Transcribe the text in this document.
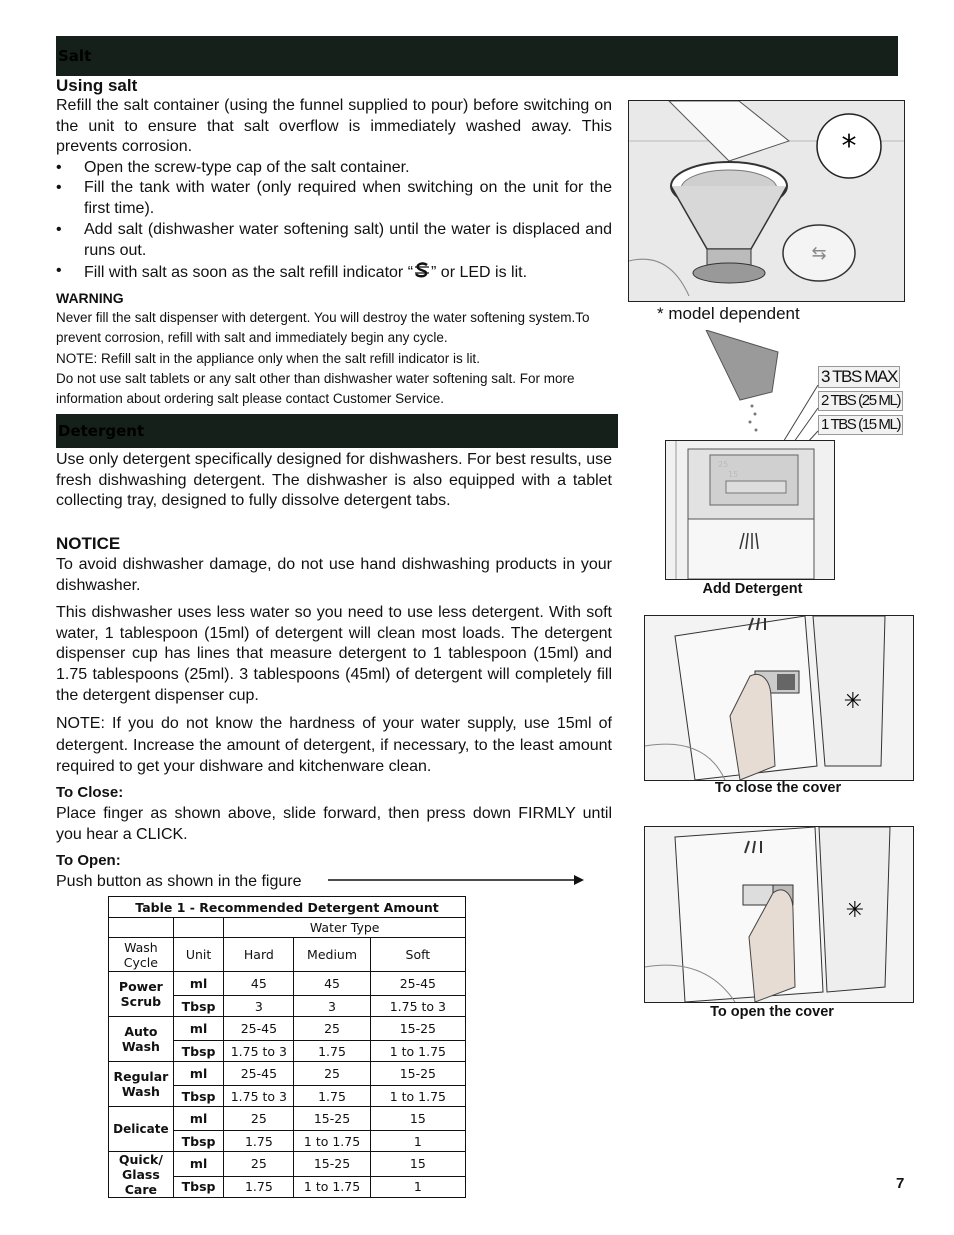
Salt
Using salt
Refill the salt container (using the funnel supplied to pour) before switching on the unit to ensure that salt overflow is immediately washed away. This prevents corrosion.
• Open the screw-type cap of the salt container.
• Fill the tank with water (only required when switching on the unit for the first time).
• Add salt (dishwasher water softening salt) until the water is displaced and runs out.
• Fill with salt as soon as the salt refill indicator “ ” or LED is lit.
WARNING
Never fill the salt dispenser with detergent. You will destroy the water softening system.To prevent corrosion, refill with salt and immediately begin any cycle.
NOTE: Refill salt in the appliance only when the salt refill indicator is lit.
Do not use salt tablets or any salt other than dishwasher water softening salt. For more information about ordering salt please contact Customer Service.
*
⇆
* model dependent
Detergent
Use only detergent specifically designed for dishwashers. For best results, use fresh dishwashing detergent. The dishwasher is also equipped with a tablet collecting tray, designed to fully dissolve detergent tabs.
NOTICE
To avoid dishwasher damage, do not use hand dishwashing products in your dishwasher.
This dishwasher uses less water so you need to use less detergent. With soft water, 1 tablespoon (15ml) of detergent will clean most loads. The detergent dispenser cup has lines that measure detergent to 1 tablespoon (15ml) and 1.75 tablespoons (25ml). 3 tablespoons (45ml) of detergent will completely fill the detergent dispenser cup.
NOTE: If you do not know the hardness of your water supply, use 15ml of detergent. Increase the amount of detergent, if necessary, to the least amount required to get your dishware and kitchenware clean.
To Close:
Place finger as shown above, slide forward, then press down FIRMLY until you hear a CLICK.
To Open:
Push button as shown in the figure
3 TBS MAX
2 TBS (25 ML)
1 TBS (15 ML)
25
15
Add Detergent
✳
To close the cover
✳
To open the cover
Table 1 - Recommended Detergent Amount				
		Water Type		
Wash Cycle	Unit	Hard	Medium	Soft
Power Scrub	ml	45	45	25-45
	Tbsp	3	3	1.75 to 3
Auto Wash	ml	25-45	25	15-25
	Tbsp	1.75 to 3	1.75	1 to 1.75
Regular Wash	ml	25-45	25	15-25
	Tbsp	1.75 to 3	1.75	1 to 1.75
Delicate	ml	25	15-25	15
	Tbsp	1.75	1 to 1.75	1
Quick/ Glass Care	ml	25	15-25	15
	Tbsp	1.75	1 to 1.75	1	7
